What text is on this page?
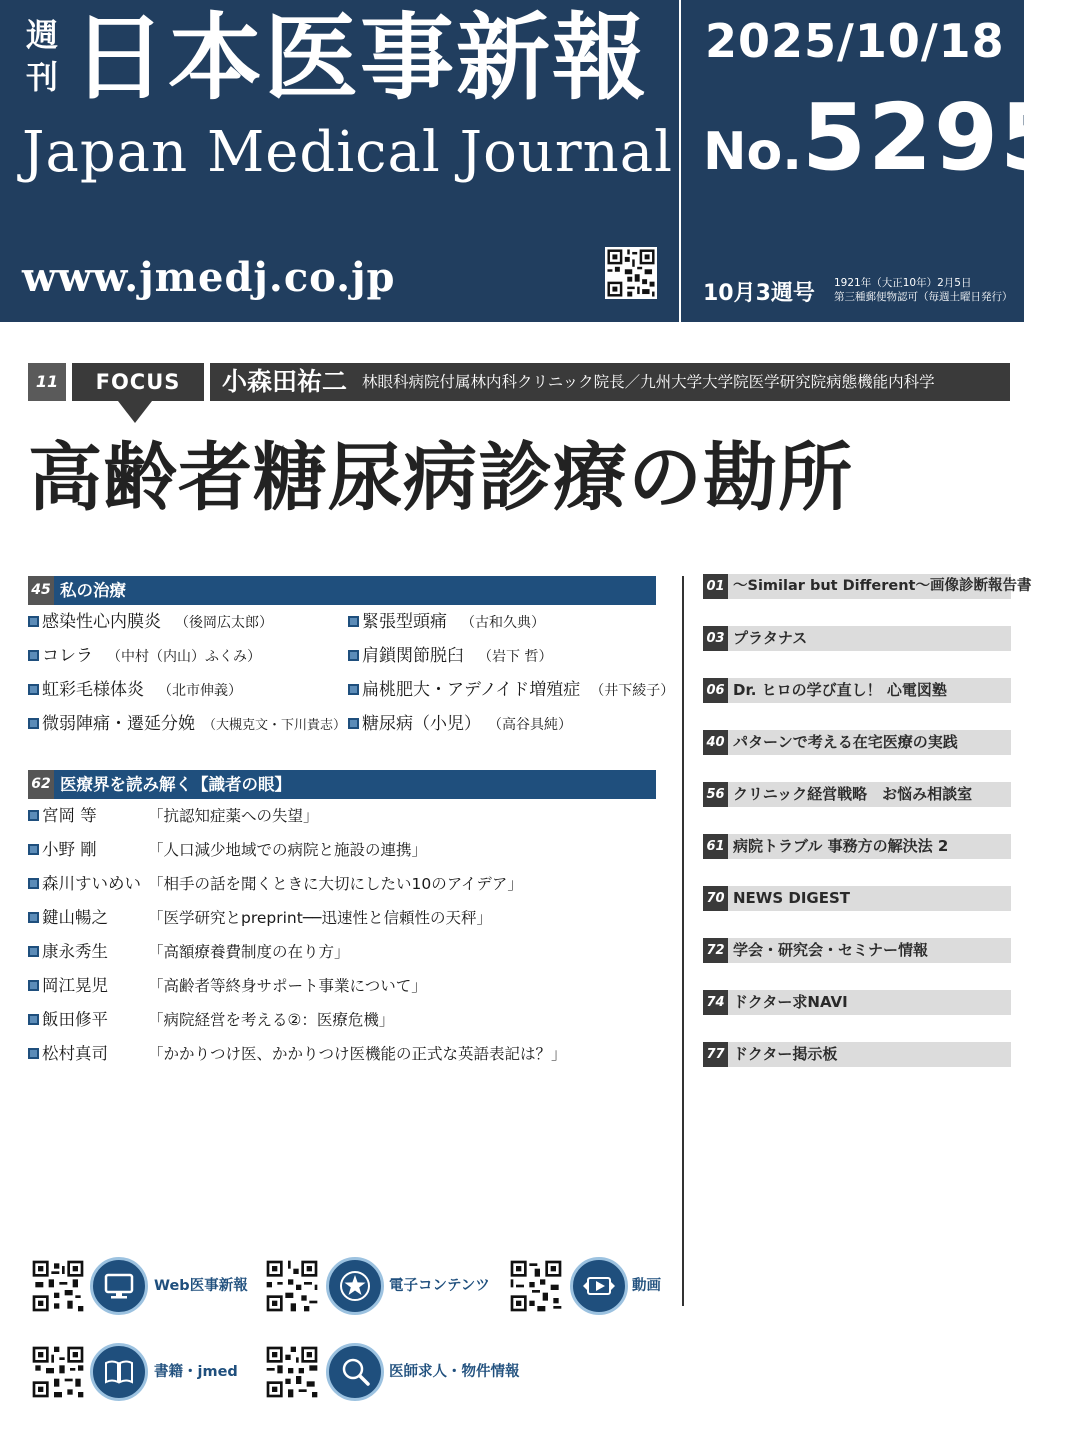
週
刊 日本医事新報
Japan Medical Journal
www.jmedj.co.jp
2025/10/18
No.5295
10月3週号 1921年（大正10年）2月5日
第三種郵便物認可（毎週土曜日発行）
11	FOCUS	小森田祐二 林眼科病院付属林内科クリニック院長／九州大学大学院医学研究院病態機能内科学
高齢者糖尿病診療の勘所
45 私の治療
感染性心内膜炎 （後岡広太郎）	緊張型頭痛 （古和久典）
コレラ （中村（内山）ふくみ）	肩鎖関節脱臼 （岩下 哲）
虹彩毛様体炎 （北市伸義）	扁桃肥大・アデノイド増殖症 （井下綾子）
微弱陣痛・遷延分娩 （大槻克文・下川貴志） 糖尿病（小児） （高谷具純）
62 医療界を読み解く【識者の眼】
宮岡 等	「抗認知症薬への失望」
小野 剛	「人口減少地域での病院と施設の連携」
森川すいめい 「相手の話を聞くときに大切にしたい10のアイデア」
鍵山暢之	「医学研究とpreprint──迅速性と信頼性の天秤」
康永秀生	「高額療養費制度の在り方」
岡江晃児	「高齢者等終身サポート事業について」
飯田修平	「病院経営を考える②：医療危機」
松村真司	「かかりつけ医、かかりつけ医機能の正式な英語表記は？」
01 ～Similar but Different～画像診断報告書
03 プラタナス
06 Dr. ヒロの学び直し！ 心電図塾
40 パターンで考える在宅医療の実践
56 クリニック経営戦略　お悩み相談室
61 病院トラブル 事務方の解決法 2
70 NEWS DIGEST
72 学会・研究会・セミナー情報
74 ドクター求NAVI
77 ドクター掲示板
Web医事新報	電子コンテンツ	動画
書籍・jmed	医師求人・物件情報
